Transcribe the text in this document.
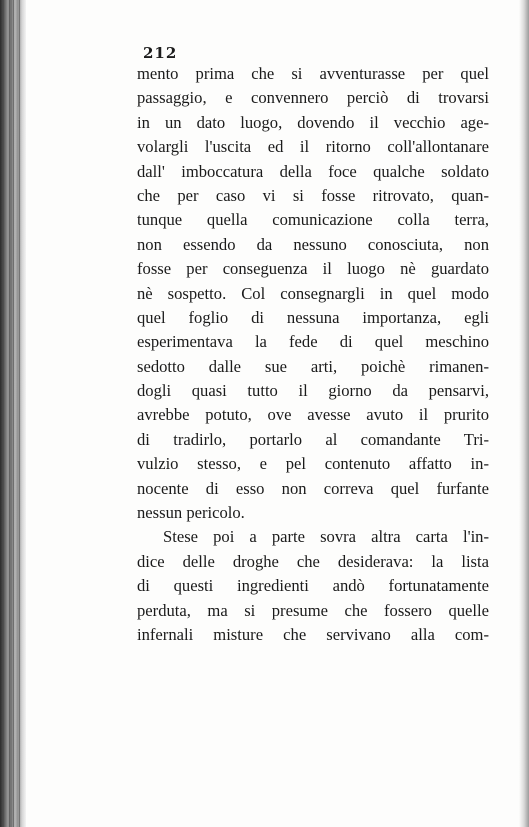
212
mento prima che si avventurasse per quel
passaggio, e convennero perciò di trovarsi
in un dato luogo, dovendo il vecchio age-
volargli l'uscita ed il ritorno coll'allontanare
dall' imboccatura della foce qualche soldato
che per caso vi si fosse ritrovato, quan-
tunque quella comunicazione colla terra,
non essendo da nessuno conosciuta, non
fosse per conseguenza il luogo nè guardato
nè sospetto. Col consegnargli in quel modo
quel foglio di nessuna importanza, egli
esperimentava la fede di quel meschino
sedotto dalle sue arti, poichè rimanen-
dogli quasi tutto il giorno da pensarvi,
avrebbe potuto, ove avesse avuto il prurito
di tradirlo, portarlo al comandante Tri-
vulzio stesso, e pel contenuto affatto in-
nocente di esso non correva quel furfante
nessun pericolo.
Stese poi a parte sovra altra carta l'in-
dice delle droghe che desiderava: la lista
di questi ingredienti andò fortunatamente
perduta, ma si presume che fossero quelle
infernali misture che servivano alla com-
